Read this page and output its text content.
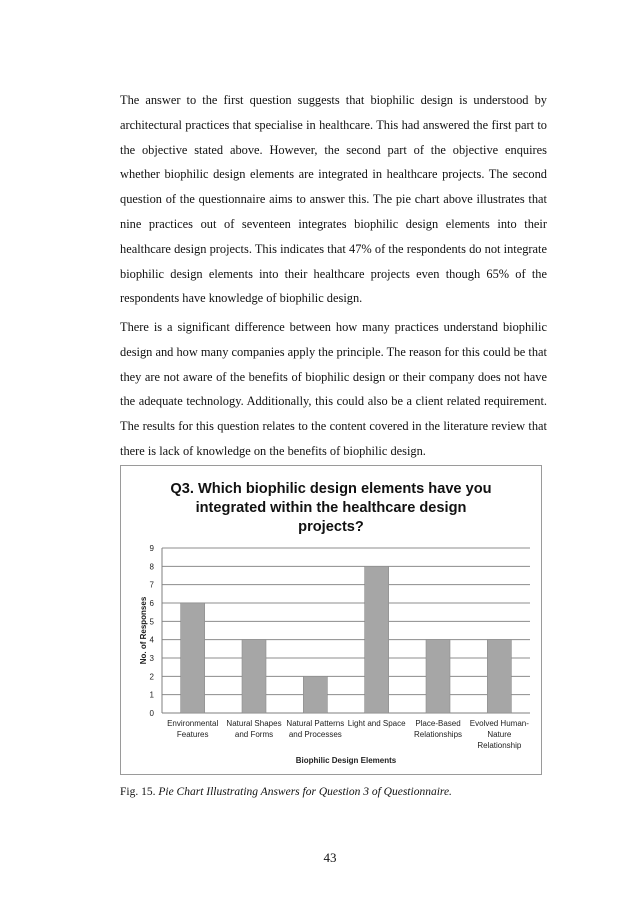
The answer to the first question suggests that biophilic design is understood by architectural practices that specialise in healthcare. This had answered the first part to the objective stated above. However, the second part of the objective enquires whether biophilic design elements are integrated in healthcare projects. The second question of the questionnaire aims to answer this. The pie chart above illustrates that nine practices out of seventeen integrates biophilic design elements into their healthcare design projects. This indicates that 47% of the respondents do not integrate biophilic design elements into their healthcare projects even though 65% of the respondents have knowledge of biophilic design.

There is a significant difference between how many practices understand biophilic design and how many companies apply the principle. The reason for this could be that they are not aware of the benefits of biophilic design or their company does not have the adequate technology. Additionally, this could also be a client related requirement. The results for this question relates to the content covered in the literature review that there is lack of knowledge on the benefits of biophilic design.

Q3. Which biophilic design elements have you
integrated within the healthcare design
projects?
0
1
2
3
4
5
6
7
8
9
Environmental
Features
Natural Shapes
and Forms
Natural Patterns
and Processes
Light and Space Place-Based
Relationships
Evolved Human-
Nature
Relationship
Biophilic Design Elements
No. of Responses
Fig. 15. Pie Chart Illustrating Answers for Question 3 of Questionnaire.
43
